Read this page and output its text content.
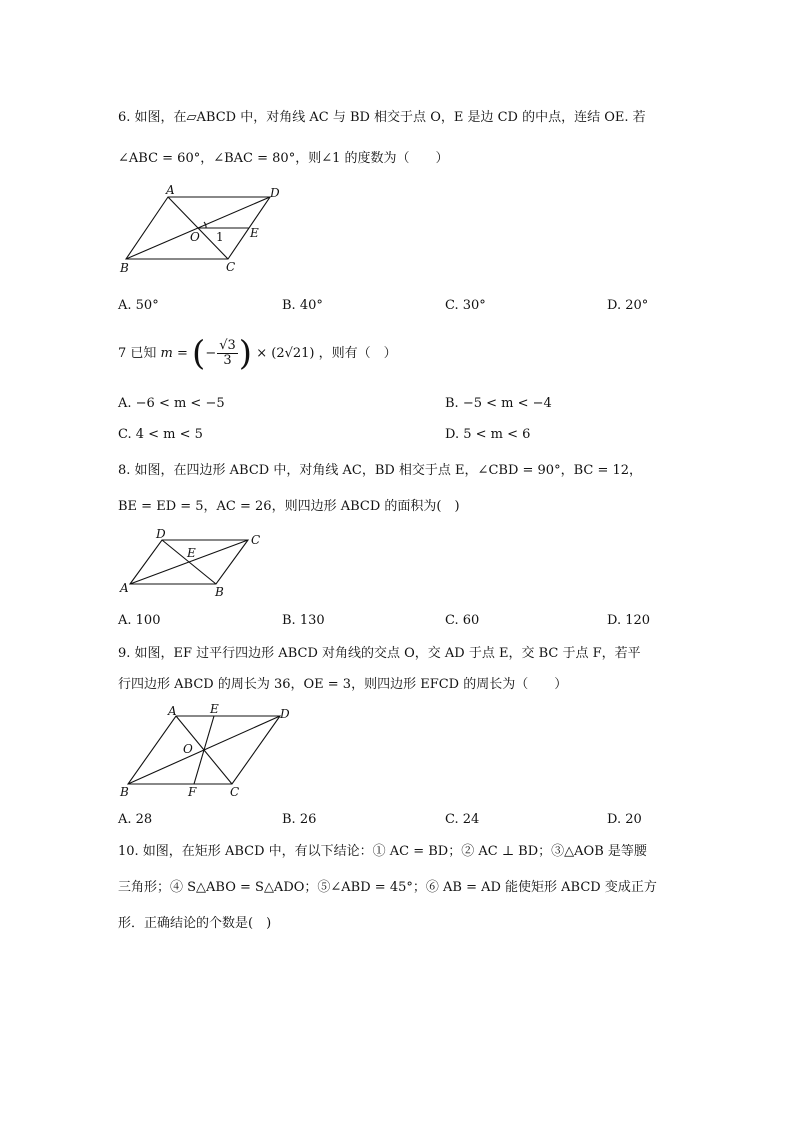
6. 如图，在▱ABCD 中，对角线 AC 与 BD 相交于点 O，E 是边 CD 的中点，连结 OE. 若
∠ABC = 60°，∠BAC = 80°，则∠1 的度数为（　　）
A	D
B	C
O	E
1
A. 50°	B. 40°	C. 30°	D. 20°
7 已知 m = (− $\frac{√3}{3}$ ) × (2√21) ，则有（　）
A. −6 < m < −5	B. −5 < m < −4
C. 4 < m < 5	D. 5 < m < 6
8. 如图，在四边形 ABCD 中，对角线 AC，BD 相交于点 E，∠CBD = 90°，BC = 12，
BE = ED = 5，AC = 26，则四边形 ABCD 的面积为(　)
D	C
A	B
E
A. 100	B. 130	C. 60	D. 120
9. 如图，EF 过平行四边形 ABCD 对角线的交点 O，交 AD 于点 E，交 BC 于点 F，若平
行四边形 ABCD 的周长为 36，OE = 3，则四边形 EFCD 的周长为（　　）
A	E	D
O
B	F	C
A. 28	B. 26	C. 24	D. 20
10. 如图，在矩形 ABCD 中，有以下结论：① AC = BD；② AC ⊥ BD；③△AOB 是等腰
三角形；④ S△ABO = S△ADO；⑤∠ABD = 45°；⑥ AB = AD 能使矩形 ABCD 变成正方
形．正确结论的个数是(　)
